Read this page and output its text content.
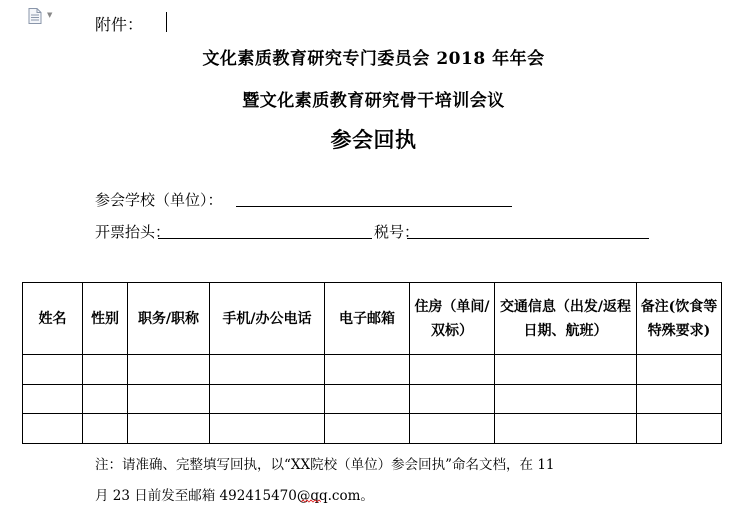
▼	附件：
文化素质教育研究专门委员会 2018 年年会
暨文化素质教育研究骨干培训会议
参会回执
参会学校（单位）：
开票抬头：	税号：
姓名	性别	职务/职称	手机/办公电话	电子邮箱	住房（单间/双标）	交通信息（出发/返程日期、航班）	备注(饮食等特殊要求)

注：请准确、完整填写回执，以“XX院校（单位）参会回执”命名文档，在 11
月 23 日前发至邮箱 492415470@qq.com。
